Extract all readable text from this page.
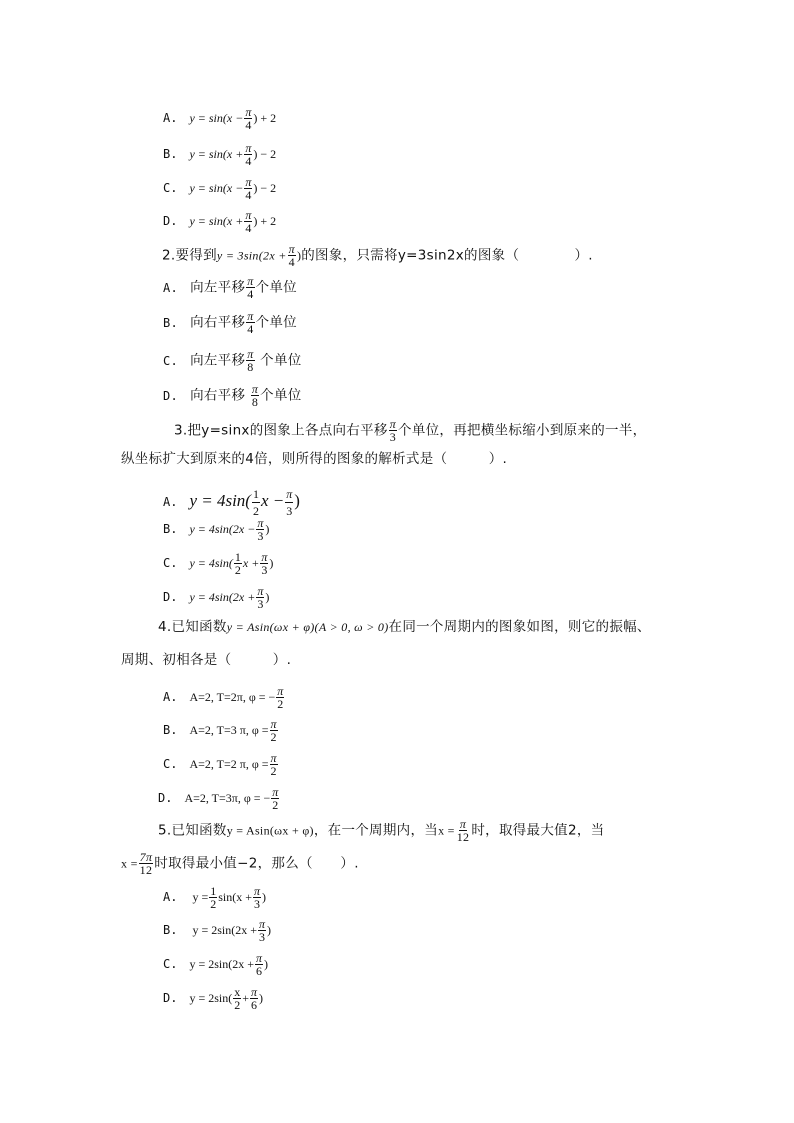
A. $y = \sin(x - \frac{\pi}{4}$ ) + 2
B. $y = \sin(x + \frac{\pi}{4}$ ) − 2
C. $y = \sin(x - \frac{\pi}{4}$ ) − 2
D. $y = \sin(x + \frac{\pi}{4}$ ) + 2
2.要得到$y = 3\sin(2x + \frac{\pi}{4}$ )的图象，只需将y=3sin2x的图象（　　　　）.
A. 向左平移 $\frac{\pi}{4}$ 个单位
B. 向右平移 $\frac{\pi}{4}$ 个单位
C. 向左平移 $\frac{\pi}{8}$ 个单位
D. 向右平移 $\frac{\pi}{8}$ 个单位
3.把y=sinx的图象上各点向右平移 $\frac{\pi}{3}$ 个单位，再把横坐标缩小到原来的一半，
纵坐标扩大到原来的4倍，则所得的图象的解析式是（　　　）.
A. $y = 4\sin( \frac{1}{2}$ $x - \frac{\pi}{3}$ )
B. $y = 4\sin(2x - \frac{\pi}{3}$ )
C. $y = 4\sin( \frac{1}{2}$ $x + \frac{\pi}{3}$ )
D. $y = 4\sin(2x + \frac{\pi}{3}$ )
4.已知函数y = Asin(ωx + φ)(A > 0, ω > 0)在同一个周期内的图象如图，则它的振幅、
周期、初相各是（　　　）.
A. A=2, T=2π, φ = − $\frac{\pi}{2}$
B. A=2, T=3 π, $\varphi = \frac{\pi}{2}$
C. A=2, T=2 π, $\varphi = \frac{\pi}{2}$
D. A=2, T=3π, φ = − $\frac{\pi}{2}$
5.已知函数y = Asin(ωx + φ)，在一个周期内，当$x = \frac{\pi}{12}$ 时，取得最大值2，当
$x = \frac{7\pi}{12}$ 时取得最小值−2，那么（　　）.
A. $y = \frac{1}{2} \sin(x + \frac{\pi}{3}$ )
B. $y = 2\sin(2x + \frac{\pi}{3}$ )
C. $y = 2\sin(2x + \frac{\pi}{6}$ )
D. $y = 2\sin( \frac{x}{2} + \frac{\pi}{6}$ )
